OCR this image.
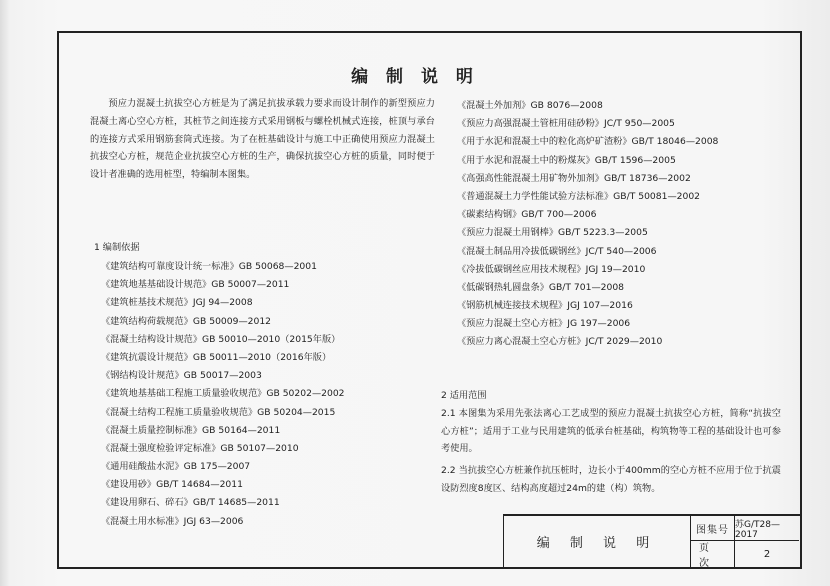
编 制 说 明

预应力混凝土抗拔空心方桩是为了满足抗拔承载力要求而设计制作的新型预应力混凝土离心空心方桩，其桩节之间连接方式采用钢板与螺栓机械式连接，桩顶与承台的连接方式采用钢筋套筒式连接。为了在桩基础设计与施工中正确使用预应力混凝土抗拔空心方桩，规范企业抗拔空心方桩的生产，确保抗拔空心方桩的质量，同时便于设计者准确的选用桩型，特编制本图集。

1 编制依据
《建筑结构可靠度设计统一标准》GB 50068—2001
《建筑地基基础设计规范》GB 50007—2011
《建筑桩基技术规范》JGJ 94—2008
《建筑结构荷载规范》GB 50009—2012
《混凝土结构设计规范》GB 50010—2010（2015年版）
《建筑抗震设计规范》GB 50011—2010（2016年版）
《钢结构设计规范》GB 50017—2003
《建筑地基基础工程施工质量验收规范》GB 50202—2002
《混凝土结构工程施工质量验收规范》GB 50204—2015
《混凝土质量控制标准》GB 50164—2011
《混凝土强度检验评定标准》GB 50107—2010
《通用硅酸盐水泥》GB 175—2007
《建设用砂》GB/T 14684—2011
《建设用卵石、碎石》GB/T 14685—2011
《混凝土用水标准》JGJ 63—2006
《混凝土外加剂》GB 8076—2008
《预应力高强混凝土管桩用硅砂粉》JC/T 950—2005
《用于水泥和混凝土中的粒化高炉矿渣粉》GB/T 18046—2008
《用于水泥和混凝土中的粉煤灰》GB/T 1596—2005
《高强高性能混凝土用矿物外加剂》GB/T 18736—2002
《普通混凝土力学性能试验方法标准》GB/T 50081—2002
《碳素结构钢》GB/T 700—2006
《预应力混凝土用钢棒》GB/T 5223.3—2005
《混凝土制品用冷拔低碳钢丝》JC/T 540—2006
《冷拔低碳钢丝应用技术规程》JGJ 19—2010
《低碳钢热轧圆盘条》GB/T 701—2008
《钢筋机械连接技术规程》JGJ 107—2016
《预应力混凝土空心方桩》JG 197—2006
《预应力离心混凝土空心方桩》JC/T 2029—2010
2 适用范围

2.1 本图集为采用先张法离心工艺成型的预应力混凝土抗拔空心方桩，简称“抗拔空心方桩”；适用于工业与民用建筑的低承台桩基础，构筑物等工程的基础设计也可参考使用。

2.2 当抗拔空心方桩兼作抗压桩时，边长小于400mm的空心方桩不应用于位于抗震设防烈度8度区、结构高度超过24m的建（构）筑物。

编 制 说 明
图集号 苏G/T28—2017
页次
2
